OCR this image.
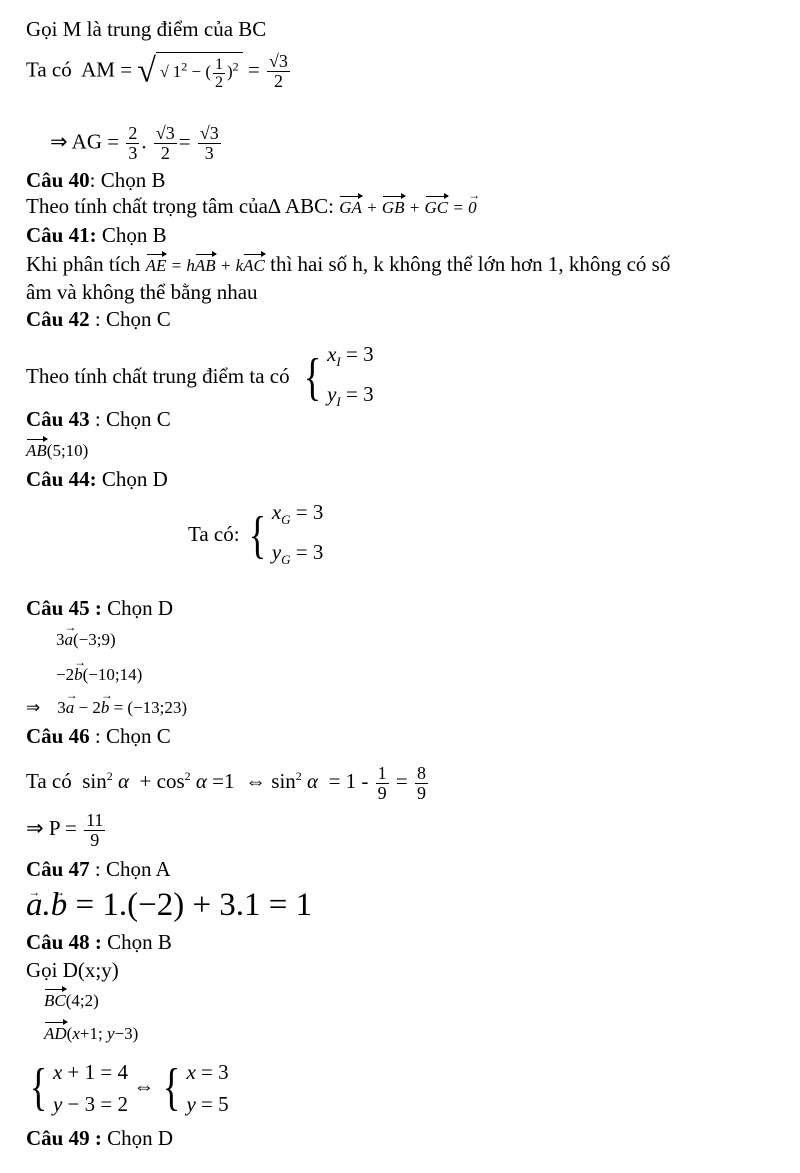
Gọi M là trung điểm của BC
Ta có AM = √ √ $1^2$ − ( $\frac{1}{2} )^2 = \frac{√3}{2}$
⇒ AG = $\frac{2}{3}$ . $\frac{√3}{2} = \frac{√3}{3}$
Câu 40: Chọn B
Theo tính chất trọng tâm của∆ ABC: GA + GB + GC = 0 →
Câu 41: Chọn B
Khi phân tích AE = hAB + kAC thì hai số h, k không thể lớn hơn 1, không có số
âm và không thể bằng nhau
Câu 42 : Chọn C
Theo tính chất trung điểm ta có { $x_I = 3$
$y_I = 3$
Câu 43 : Chọn C
AB(5;10)
Câu 44: Chọn D
Ta có: { $x_G = 3$
$y_G = 3$
Câu 45 : Chọn D
3a →(−3;9)
−2b →(−10;14)
⇒    3a → − 2b → = (−13;23)
Câu 46 : Chọn C
Ta có  $\sin^2 \alpha + \cos^2 \alpha =1$  ⇔ $\sin^2 \alpha = 1 - \frac{1}{9} = \frac{8}{9}$
⇒ $P = \frac{11}{9}$
Câu 47 : Chọn A
a →.b → = 1.(−2) + 3.1 = 1
Câu 48 : Chọn B
Gọi D(x;y)
BC(4;2)
AD(x+1; y−3)
{ x + 1 = 4
y − 3 = 2
⇔ { x = 3
y = 5
Câu 49 : Chọn D
